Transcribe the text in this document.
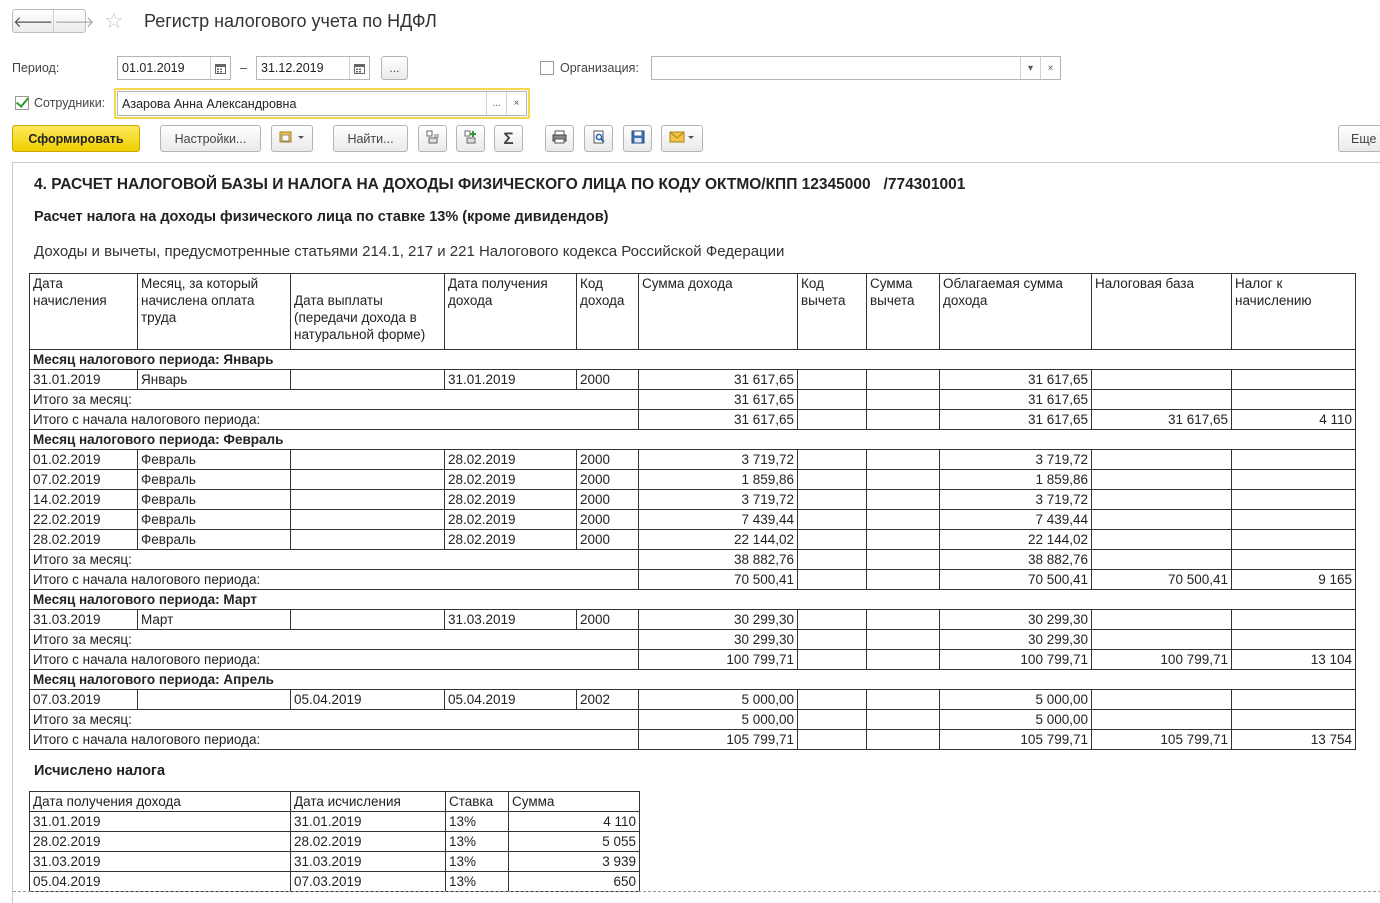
🡐 🡒 ☆ Регистр налогового учета по НДФЛ
Период:	01.01.2019	–	31.12.2019	...	Организация:	▾	×
Сотрудники:	Азарова Анна Александровна	...	×
Сформировать	Настройки...	Найти...	Σ	Еще
4. РАСЧЕТ НАЛОГОВОЙ БАЗЫ И НАЛОГА НА ДОХОДЫ ФИЗИЧЕСКОГО ЛИЦА ПО КОДУ ОКТМО/КПП 12345000   /774301001
Расчет налога на доходы физического лица по ставке 13% (кроме дивидендов)
Доходы и вычеты, предусмотренные статьями 214.1, 217 и 221 Налогового кодекса Российской Федерации
Дата начисления	Месяц, за который начислена оплата труда	Дата выплаты (передачи дохода в натуральной форме)	Дата получения дохода	Код дохода	Сумма дохода	Код вычета	Сумма вычета	Облагаемая сумма дохода	Налоговая база	Налог к начислению
Месяц налогового периода: Январь										
31.01.2019	Январь		31.01.2019	2000	31 617,65			31 617,65		
Итого за месяц:					31 617,65			31 617,65		
Итого с начала налогового периода:					31 617,65			31 617,65	31 617,65	4 110
Месяц налогового периода: Февраль										
01.02.2019	Февраль		28.02.2019	2000	3 719,72			3 719,72		
07.02.2019	Февраль		28.02.2019	2000	1 859,86			1 859,86		
14.02.2019	Февраль		28.02.2019	2000	3 719,72			3 719,72		
22.02.2019	Февраль		28.02.2019	2000	7 439,44			7 439,44		
28.02.2019	Февраль		28.02.2019	2000	22 144,02			22 144,02		
Итого за месяц:					38 882,76			38 882,76		
Итого с начала налогового периода:					70 500,41			70 500,41	70 500,41	9 165
Месяц налогового периода: Март										
31.03.2019	Март		31.03.2019	2000	30 299,30			30 299,30		
Итого за месяц:					30 299,30			30 299,30		
Итого с начала налогового периода:					100 799,71			100 799,71	100 799,71	13 104
Месяц налогового периода: Апрель										
07.03.2019		05.04.2019	05.04.2019	2002	5 000,00			5 000,00		
Итого за месяц:					5 000,00			5 000,00		
Итого с начала налогового периода:					105 799,71			105 799,71	105 799,71	13 754
Исчислено налога
Дата получения дохода	Дата исчисления	Ставка	Сумма
31.01.2019	31.01.2019	13%	4 110
28.02.2019	28.02.2019	13%	5 055
31.03.2019	31.03.2019	13%	3 939
05.04.2019	07.03.2019	13%	650
